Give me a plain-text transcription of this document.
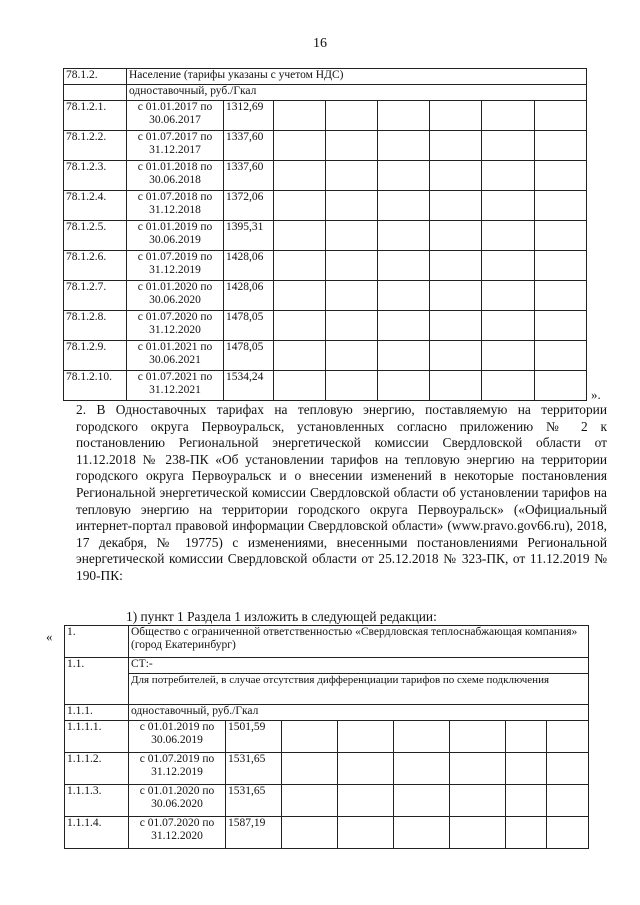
16
78.1.2.	Население (тарифы указаны с учетом НДС)							
	одноставочный, руб./Гкал							
78.1.2.1.	с 01.01.2017 по
30.06.2017	1312,69						
78.1.2.2.	с 01.07.2017 по
31.12.2017	1337,60						
78.1.2.3.	с 01.01.2018 по
30.06.2018	1337,60						
78.1.2.4.	с 01.07.2018 по
31.12.2018	1372,06						
78.1.2.5.	с 01.01.2019 по
30.06.2019	1395,31						
78.1.2.6.	с 01.07.2019 по
31.12.2019	1428,06						
78.1.2.7.	с 01.01.2020 по
30.06.2020	1428,06						
78.1.2.8.	с 01.07.2020 по
31.12.2020	1478,05						
78.1.2.9.	с 01.01.2021 по
30.06.2021	1478,05						
78.1.2.10.	с 01.07.2021 по
31.12.2021	1534,24						
».
2. В Одноставочных тарифах на тепловую энергию, поставляемую на территории городского округа Первоуральск, установленных согласно приложению № 2 к постановлению Региональной энергетической комиссии Свердловской области от 11.12.2018 № 238-ПК «Об установлении тарифов на тепловую энергию на территории городского округа Первоуральск и о внесении изменений в некоторые постановления Региональной энергетической комиссии Свердловской области об установлении тарифов на тепловую энергию на территории городского округа Первоуральск» («Официальный интернет-портал правовой информации Свердловской области» (www.pravo.gov66.ru), 2018, 17 декабря, № 19775) с изменениями, внесенными постановлениями Региональной энергетической комиссии Свердловской области от 25.12.2018 № 323-ПК, от 11.12.2019 № 190-ПК:
1) пункт 1 Раздела 1 изложить в следующей редакции:
« 1.	Общество с ограниченной ответственностью «Свердловская теплоснабжающая компания» (город Екатеринбург)							
1.1.	СТ:-							
	Для потребителей, в случае отсутствия дифференциации тарифов по схеме подключения							
1.1.1.	одноставочный, руб./Гкал							
1.1.1.1.	с 01.01.2019 по
30.06.2019	1501,59						
1.1.1.2.	с 01.07.2019 по
31.12.2019	1531,65						
1.1.1.3.	с 01.01.2020 по
30.06.2020	1531,65						
1.1.1.4.	с 01.07.2020 по
31.12.2020	1587,19						
